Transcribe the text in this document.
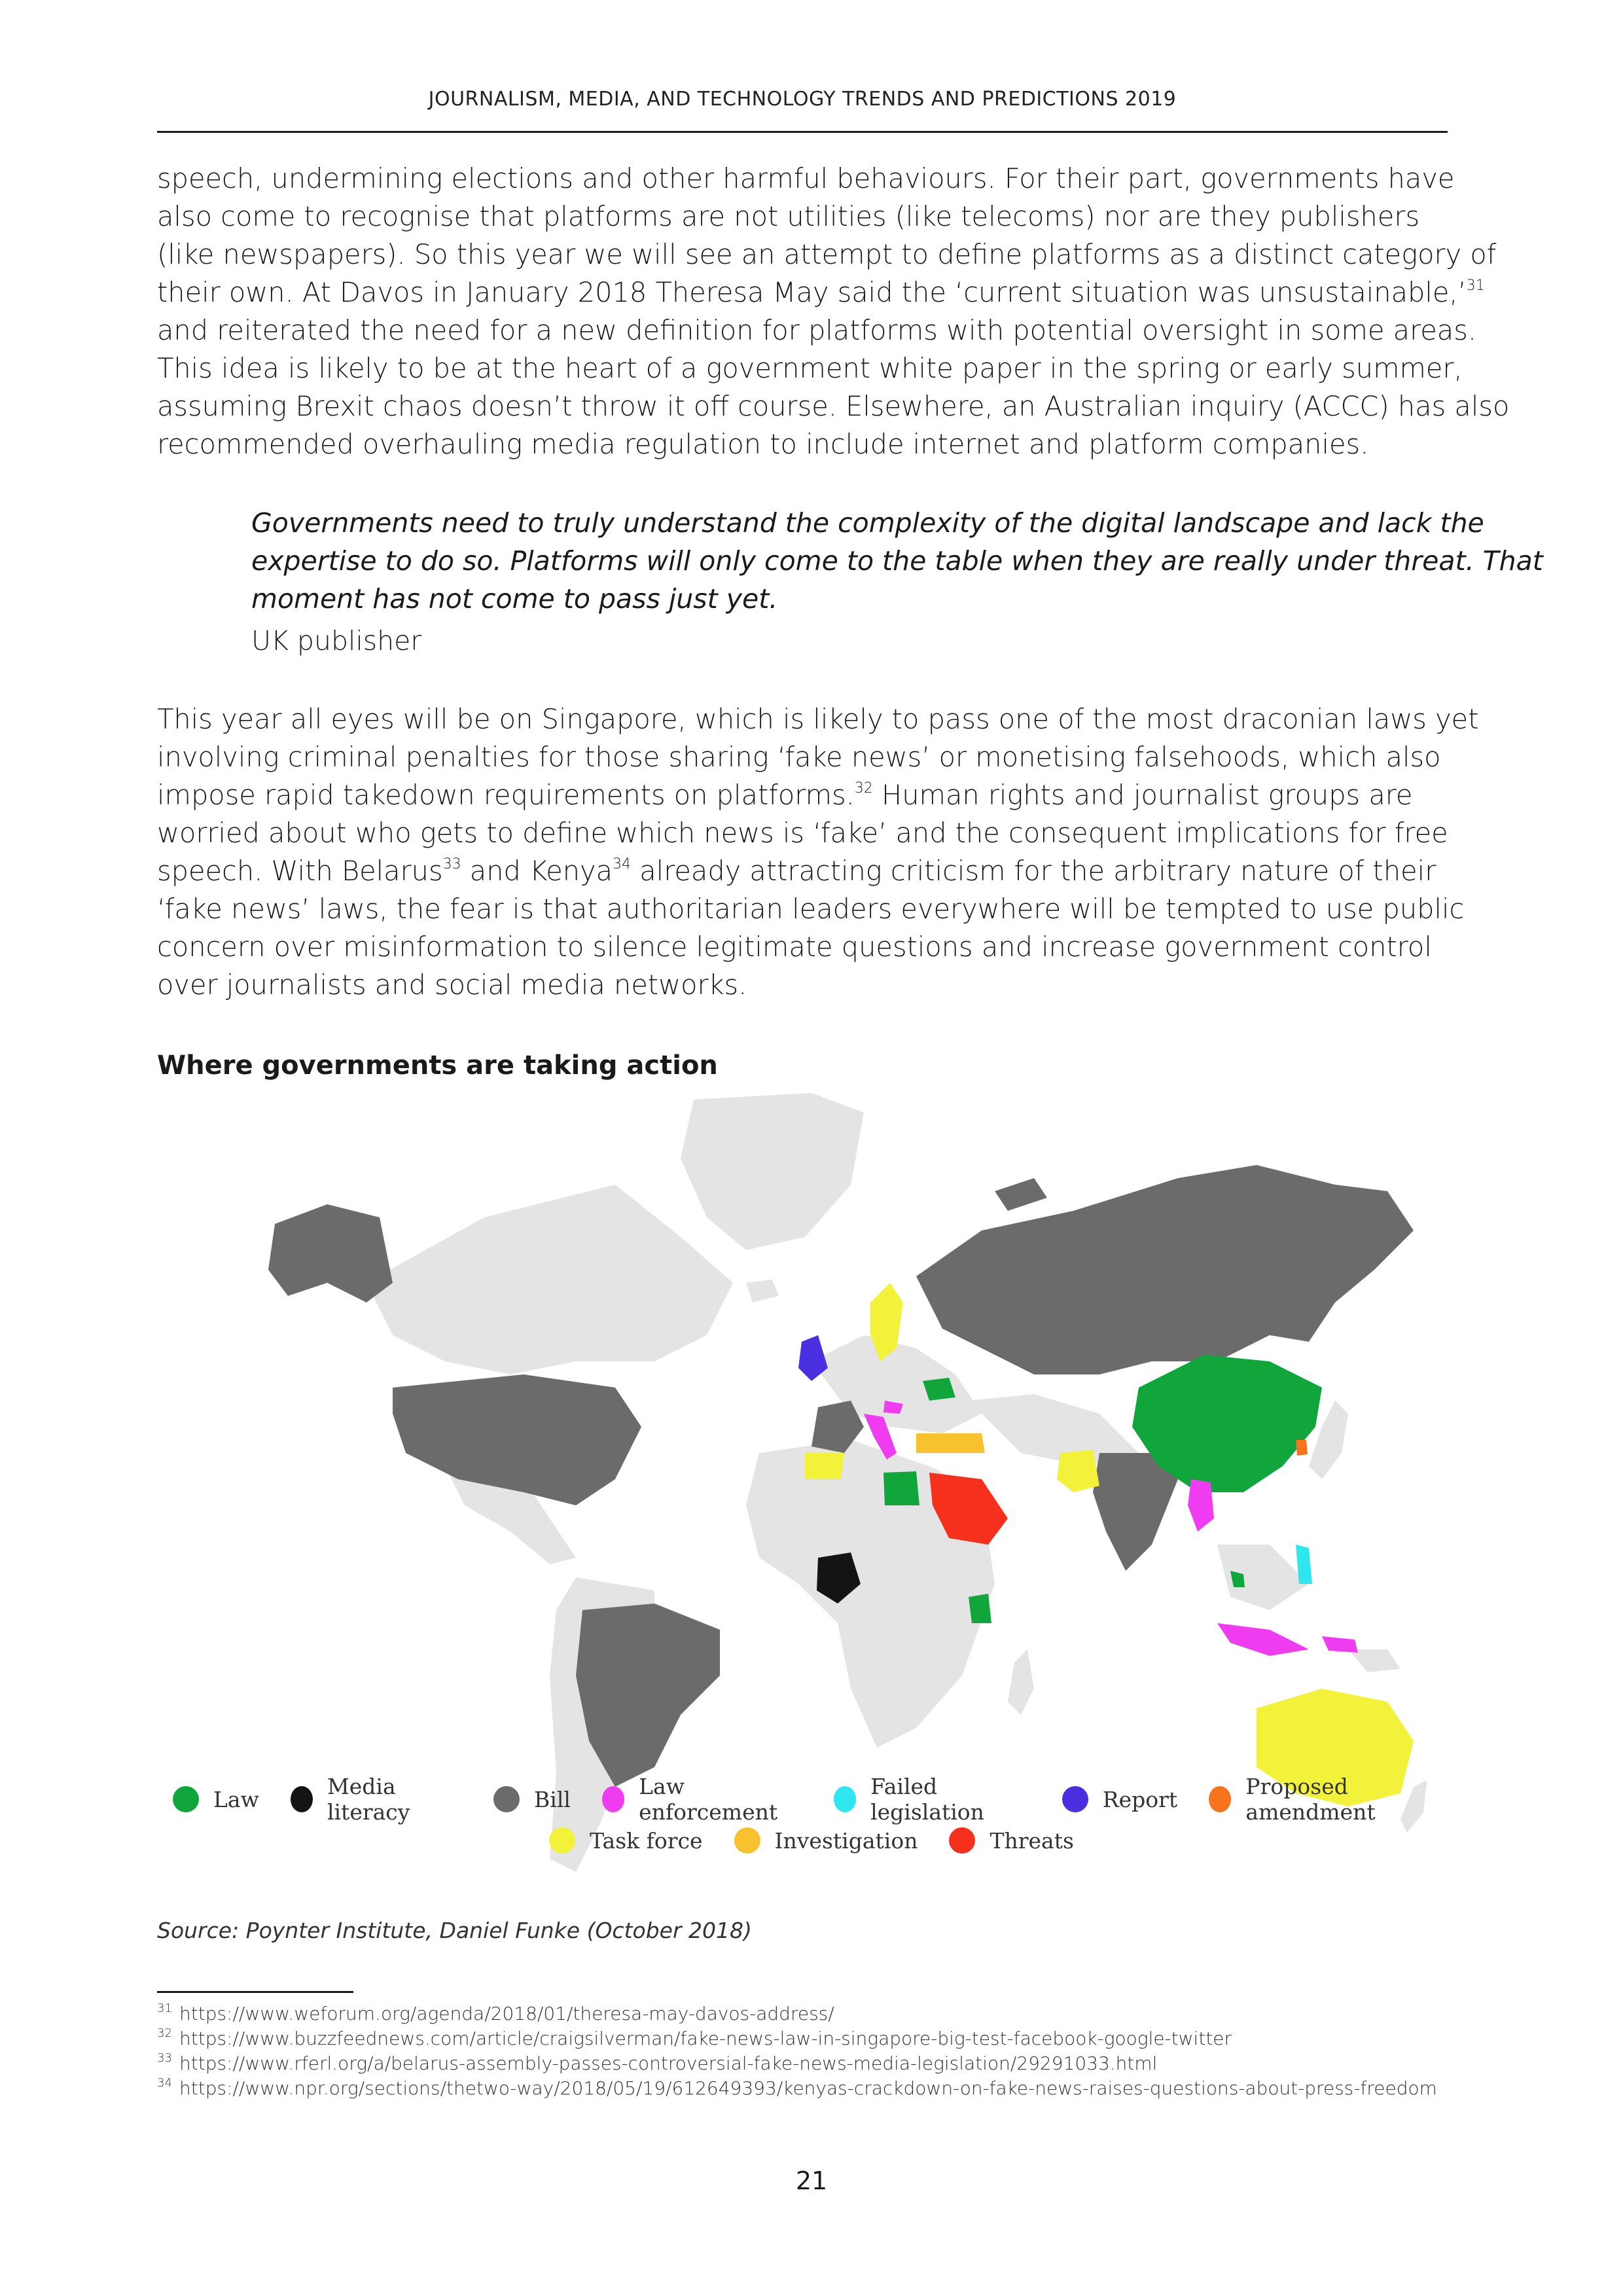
JOURNALISM, MEDIA, AND TECHNOLOGY TRENDS AND PREDICTIONS 2019
speech, undermining elections and other harmful behaviours. For their part, governments have
also come to recognise that platforms are not utilities (like telecoms) nor are they publishers
(like newspapers). So this year we will see an attempt to define platforms as a distinct category of
their own. At Davos in January 2018 Theresa May said the ‘current situation was unsustainable,’$^{31}$
and reiterated the need for a new definition for platforms with potential oversight in some areas.
This idea is likely to be at the heart of a government white paper in the spring or early summer,
assuming Brexit chaos doesn’t throw it off course. Elsewhere, an Australian inquiry (ACCC) has also
recommended overhauling media regulation to include internet and platform companies.
Governments need to truly understand the complexity of the digital landscape and lack the
expertise to do so. Platforms will only come to the table when they are really under threat. That
moment has not come to pass just yet.
UK publisher
This year all eyes will be on Singapore, which is likely to pass one of the most draconian laws yet
involving criminal penalties for those sharing ‘fake news’ or monetising falsehoods, which also
impose rapid takedown requirements on platforms.$^{32}$ Human rights and journalist groups are
worried about who gets to define which news is ‘fake’ and the consequent implications for free
speech. With Belarus$^{33}$ and Kenya$^{34}$ already attracting criticism for the arbitrary nature of their
‘fake news’ laws, the fear is that authoritarian leaders everywhere will be tempted to use public
concern over misinformation to silence legitimate questions and increase government control
over journalists and social media networks.
Where governments are taking action
Law	Media literacy	Bill	Law enforcement
Failed legislation	Report	Proposed amendment
Task force	Investigation	Threats
Source: Poynter Institute, Daniel Funke (October 2018)
31 https://www.weforum.org/agenda/2018/01/theresa-may-davos-address/
32 https://www.buzzfeednews.com/article/craigsilverman/fake-news-law-in-singapore-big-test-facebook-google-twitter
33 https://www.rferl.org/a/belarus-assembly-passes-controversial-fake-news-media-legislation/29291033.html
34 https://www.npr.org/sections/thetwo-way/2018/05/19/612649393/kenyas-crackdown-on-fake-news-raises-questions-about-press-freedom
21
